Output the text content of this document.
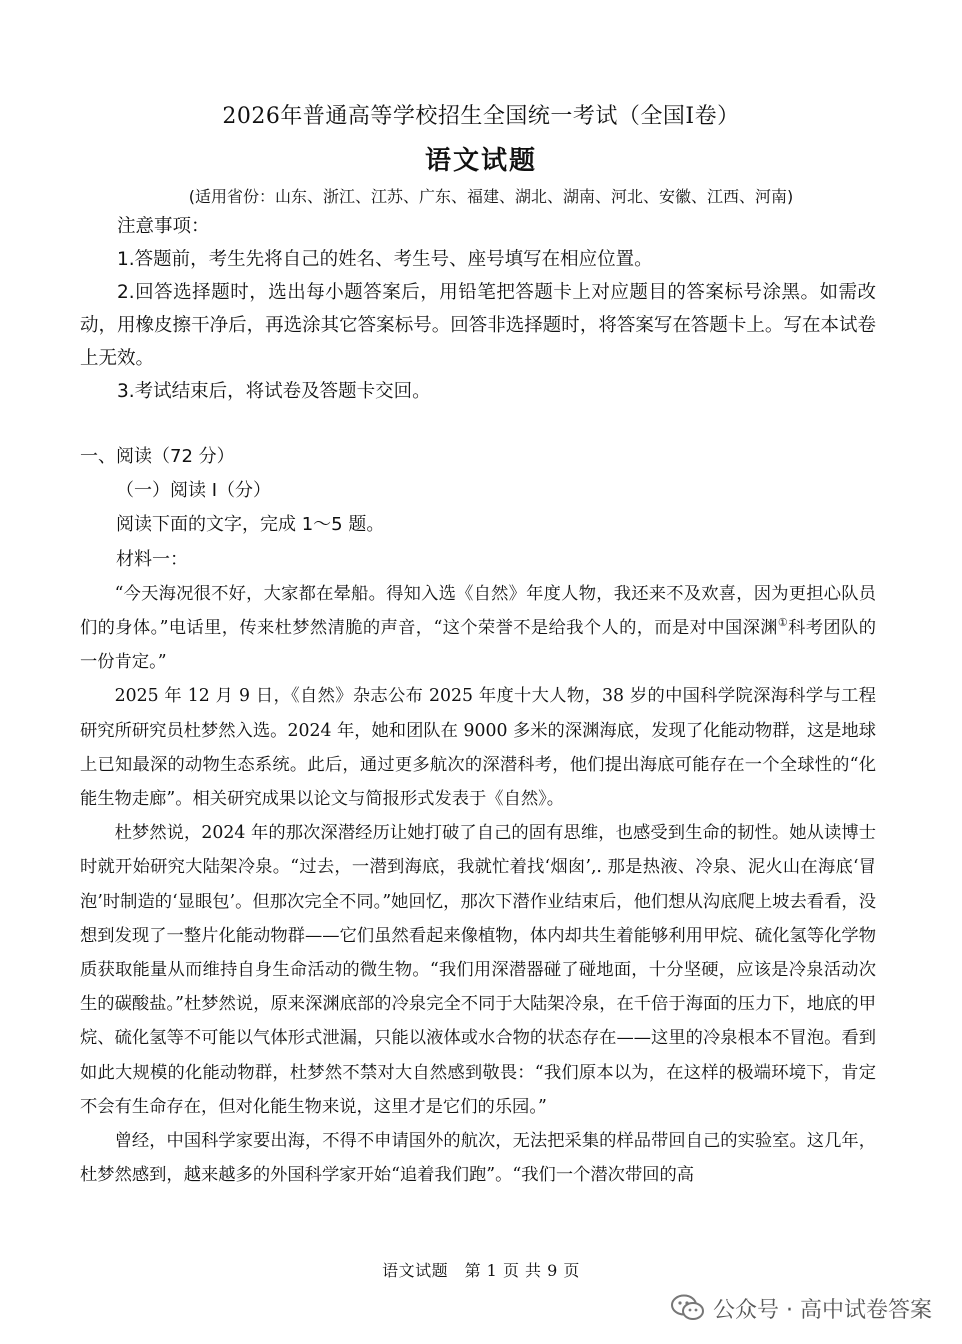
2026年普通高等学校招生全国统一考试（全国Ⅰ卷）
语文试题
(适用省份：山东、浙江、江苏、广东、福建、湖北、湖南、河北、安徽、江西、河南)

注意事项：

1.答题前，考生先将自己的姓名、考生号、座号填写在相应位置。

2.回答选择题时，选出每小题答案后，用铅笔把答题卡上对应题目的答案标号涂黑。如需改动，用橡皮擦干净后，再选涂其它答案标号。回答非选择题时，将答案写在答题卡上。写在本试卷上无效。

3.考试结束后，将试卷及答题卡交回。

一、阅读（72 分）

（一）阅读 I（分）

阅读下面的文字，完成 1～5 题。

材料一：

“今天海况很不好，大家都在晕船。得知入选《自然》年度人物，我还来不及欢喜，因为更担心队员们的身体。”电话里，传来杜梦然清脆的声音，“这个荣誉不是给我个人的，而是对中国深渊①科考团队的一份肯定。”

2025 年 12 月 9 日，《自然》杂志公布 2025 年度十大人物，38 岁的中国科学院深海科学与工程研究所研究员杜梦然入选。2024 年，她和团队在 9000 多米的深渊海底，发现了化能动物群，这是地球上已知最深的动物生态系统。此后，通过更多航次的深潜科考，他们提出海底可能存在一个全球性的“化能生物走廊”。相关研究成果以论文与简报形式发表于《自然》。

杜梦然说，2024 年的那次深潜经历让她打破了自己的固有思维，也感受到生命的韧性。她从读博士时就开始研究大陆架冷泉。“过去，一潜到海底，我就忙着找‘烟囱’,. 那是热液、冷泉、泥火山在海底‘冒泡’时制造的‘显眼包’。但那次完全不同。”她回忆，那次下潜作业结束后，他们想从沟底爬上坡去看看，没想到发现了一整片化能动物群——它们虽然看起来像植物，体内却共生着能够利用甲烷、硫化氢等化学物质获取能量从而维持自身生命活动的微生物。“我们用深潜器碰了碰地面，十分坚硬，应该是冷泉活动次生的碳酸盐。”杜梦然说，原来深渊底部的冷泉完全不同于大陆架冷泉，在千倍于海面的压力下，地底的甲烷、硫化氢等不可能以气体形式泄漏，只能以液体或水合物的状态存在——这里的冷泉根本不冒泡。看到如此大规模的化能动物群，杜梦然不禁对大自然感到敬畏：“我们原本以为，在这样的极端环境下，肯定不会有生命存在，但对化能生物来说，这里才是它们的乐园。”

曾经，中国科学家要出海，不得不申请国外的航次，无法把采集的样品带回自己的实验室。这几年，杜梦然感到，越来越多的外国科学家开始“追着我们跑”。“我们一个潜次带回的高

语文试题　第 1 页 共 9 页
公众号 · 高中试卷答案
